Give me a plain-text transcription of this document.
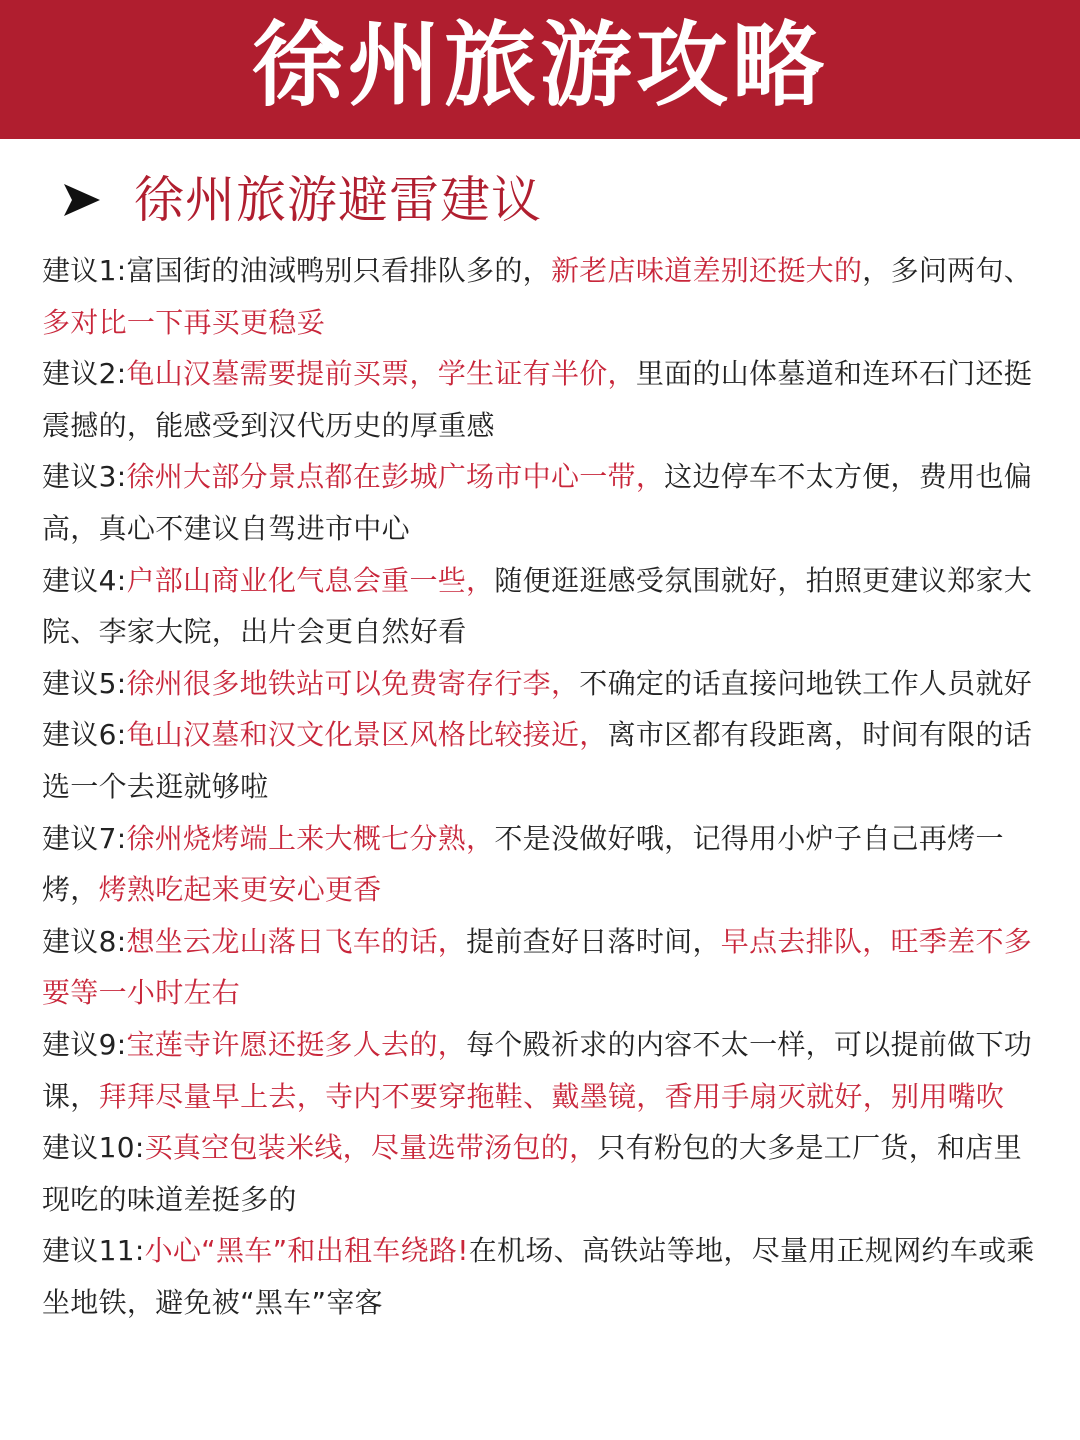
徐州旅游攻略
徐州旅游避雷建议
建议1:富国街的油淢鸭别只看排队多的，新老店味道差别还挺大的，多问两句、多对比一下再买更稳妥
建议2:龟山汉墓需要提前买票，学生证有半价，里面的山体墓道和连环石门还挺震撼的，能感受到汉代历史的厚重感
建议3:徐州大部分景点都在彭城广场市中心一带，这边停车不太方便，费用也偏高，真心不建议自驾进市中心
建议4:户部山商业化气息会重一些，随便逛逛感受氛围就好，拍照更建议郑家大院、李家大院，出片会更自然好看
建议5:徐州很多地铁站可以免费寄存行李，不确定的话直接问地铁工作人员就好
建议6:龟山汉墓和汉文化景区风格比较接近，离市区都有段距离，时间有限的话选一个去逛就够啦
建议7:徐州烧烤端上来大概七分熟，不是没做好哦，记得用小炉子自己再烤一烤，烤熟吃起来更安心更香
建议8:想坐云龙山落日飞车的话，提前查好日落时间，早点去排队，旺季差不多要等一小时左右
建议9:宝莲寺许愿还挺多人去的，每个殿祈求的内容不太一样，可以提前做下功课，拜拜尽量早上去，寺内不要穿拖鞋、戴墨镜，香用手扇灭就好，别用嘴吹
建议10:买真空包装米线，尽量选带汤包的，只有粉包的大多是工厂货，和店里现吃的味道差挺多的
建议11:小心“黑车”和出租车绕路!在机场、高铁站等地，尽量用正规网约车或乘坐地铁，避免被“黑车”宰客
